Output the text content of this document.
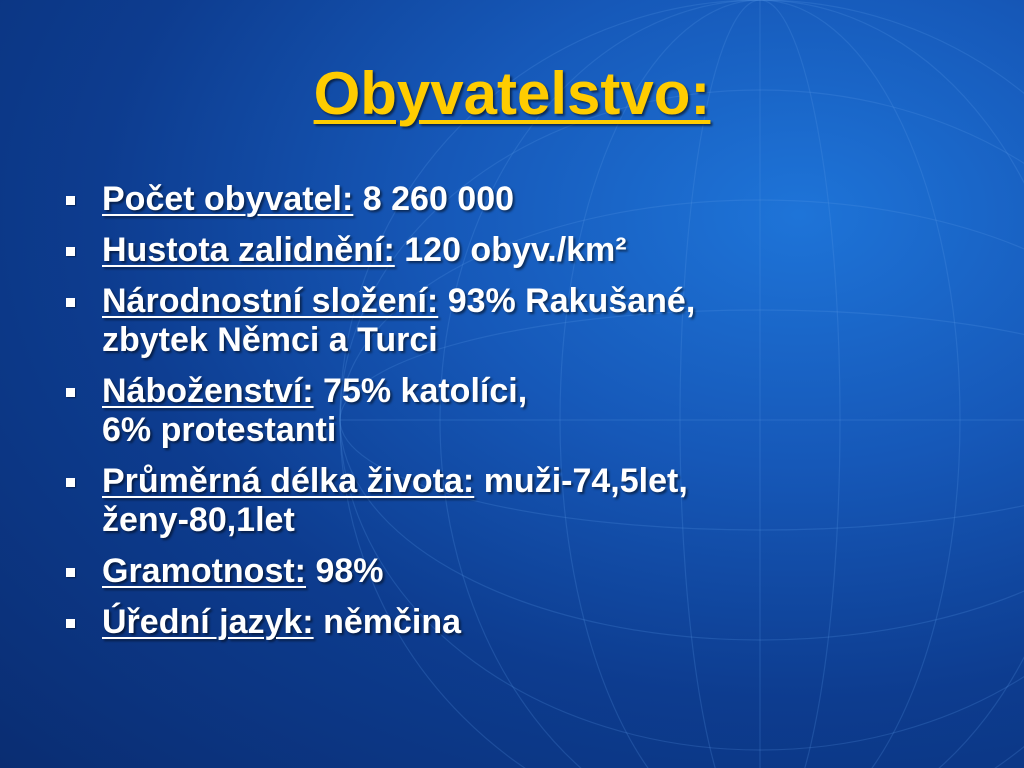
Obyvatelstvo:
Počet obyvatel: 8 260 000
Hustota zalidnění: 120 obyv./km²
Národnostní složení: 93% Rakušané,
zbytek Němci a Turci
Náboženství: 75% katolíci,
6% protestanti
Průměrná délka života: muži-74,5let,
ženy-80,1let
Gramotnost: 98%
Úřední jazyk: němčina
